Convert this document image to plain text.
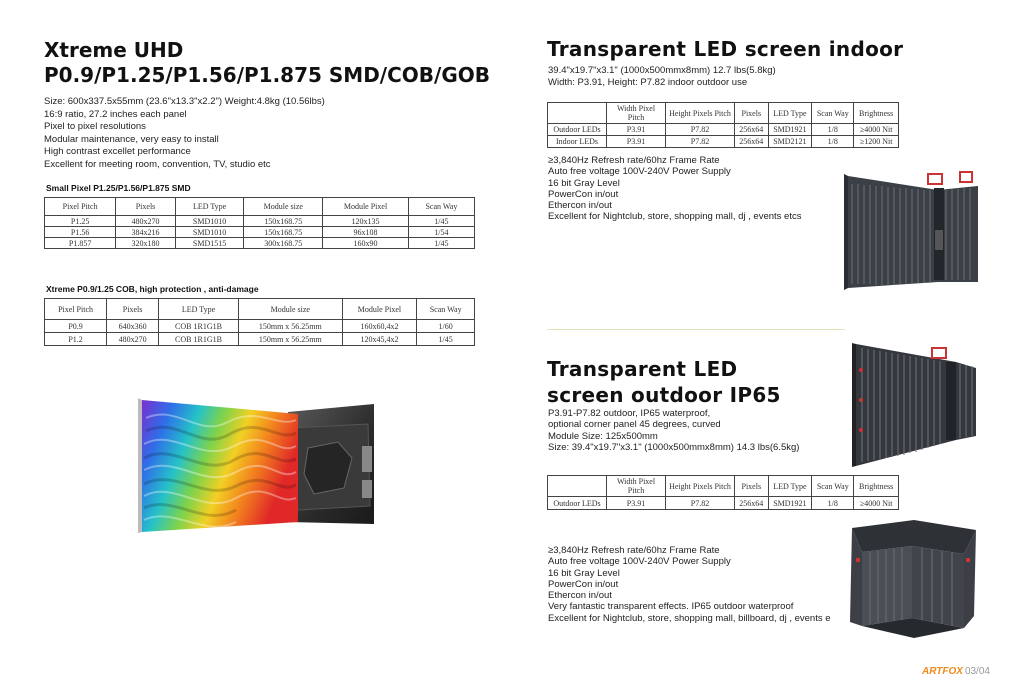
Xtreme UHD
P0.9/P1.25/P1.56/P1.875 SMD/COB/GOB
Size: 600x337.5x55mm (23.6"x13.3"x2.2") Weight:4.8kg (10.56lbs)
16:9 ratio, 27.2 inches each panel
Pixel to pixel resolutions
Modular maintenance, very easy to install
High contrast excellet performance
Excellent for meeting room, convention, TV, studio etc
Small Pixel P1.25/P1.56/P1.875 SMD
Pixel Pitch	Pixels	LED Type	Module size	Module Pixel	Scan Way
P1.25	480x270	SMD1010	150x168.75	120x135	1/45
P1.56	384x216	SMD1010	150x168.75	96x108	1/54
P1.857	320x180	SMD1515	300x168.75	160x90	1/45
Xtreme P0.9/1.25 COB, high protection , anti-damage
Pixel Pitch	Pixels	LED Type	Module size	Module Pixel	Scan Way
P0.9	640x360	COB 1R1G1B	150mm x 56.25mm	160x60,4x2	1/60
P1.2	480x270	COB 1R1G1B	150mm x 56.25mm	120x45,4x2	1/45
Transparent LED screen indoor
39.4"x19.7"x3.1" (1000x500mmx8mm) 12.7 lbs(5.8kg)
Width: P3.91, Height: P7.82 indoor outdoor use
	Width Pixel Pitch	Height Pixels Pitch	Pixels	LED Type	Scan Way	Brightness
Outdoor LEDs	P3.91	P7.82	256x64	SMD1921	1/8	≥4000 Nit
Indoor LEDs	P3.91	P7.82	256x64	SMD2121	1/8	≥1200 Nit
≥3,840Hz Refresh rate/60hz Frame Rate
Auto free voltage 100V-240V Power Supply
16 bit Gray Level
PowerCon in/out
Ethercon in/out
Excellent for Nightclub, store, shopping mall, dj , events etcs
Transparent LED
screen outdoor IP65
P3.91-P7.82 outdoor, IP65 waterproof,
optional corner panel 45 degrees, curved
Module Size: 125x500mm
Size: 39.4"x19.7"x3.1" (1000x500mmx8mm) 14.3 lbs(6.5kg)
	Width Pixel Pitch	Height Pixels Pitch	Pixels	LED Type	Scan Way	Brightness
Outdoor LEDs	P3.91	P7.82	256x64	SMD1921	1/8	≥4000 Nit
≥3,840Hz Refresh rate/60hz Frame Rate
Auto free voltage 100V-240V Power Supply
16 bit Gray Level
PowerCon in/out
Ethercon in/out
Very fantastic transparent effects. IP65 outdoor waterproof
Excellent for Nightclub, store, shopping mall, billboard, dj , events e
ARTFOX 03/04
